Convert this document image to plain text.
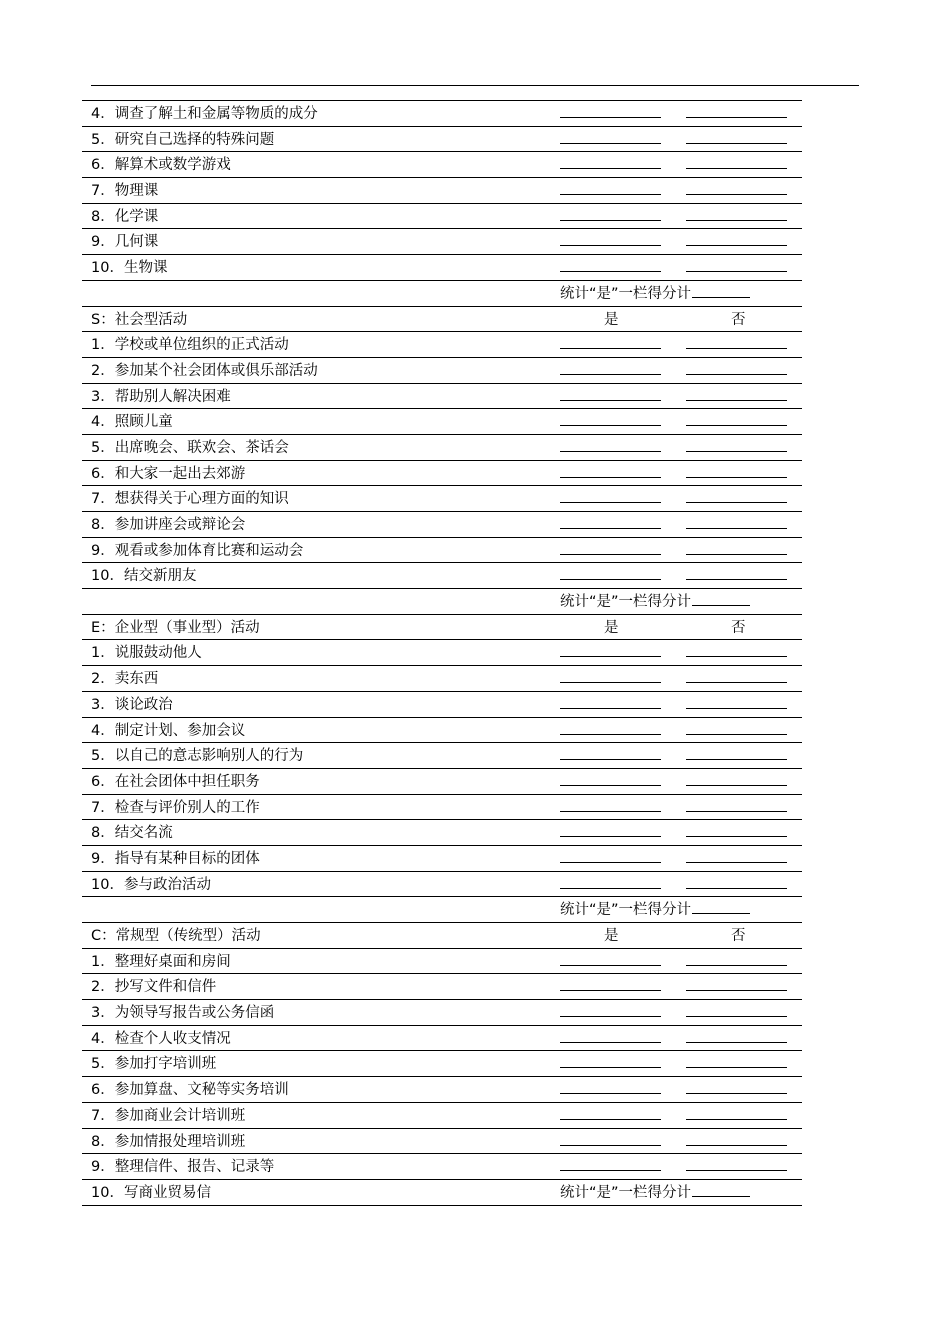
4．调查了解土和金属等物质的成分
5．研究自己选择的特殊问题
6．解算术或数学游戏
7．物理课
8．化学课
9．几何课
10．生物课
统计“是”一栏得分计
S：社会型活动	是	否
1．学校或单位组织的正式活动
2．参加某个社会团体或俱乐部活动
3．帮助别人解决困难
4．照顾儿童
5．出席晚会、联欢会、茶话会
6．和大家一起出去郊游
7．想获得关于心理方面的知识
8．参加讲座会或辩论会
9．观看或参加体育比赛和运动会
10．结交新朋友
统计“是”一栏得分计
E：企业型（事业型）活动	是	否
1．说服鼓动他人
2．卖东西
3．谈论政治
4．制定计划、参加会议
5．以自己的意志影响别人的行为
6．在社会团体中担任职务
7．检查与评价别人的工作
8．结交名流
9．指导有某种目标的团体
10．参与政治活动
统计“是”一栏得分计
C：常规型（传统型）活动	是	否
1．整理好桌面和房间
2．抄写文件和信件
3．为领导写报告或公务信函
4．检查个人收支情况
5．参加打字培训班
6．参加算盘、文秘等实务培训
7．参加商业会计培训班
8．参加情报处理培训班
9．整理信件、报告、记录等
10．写商业贸易信	统计“是”一栏得分计
